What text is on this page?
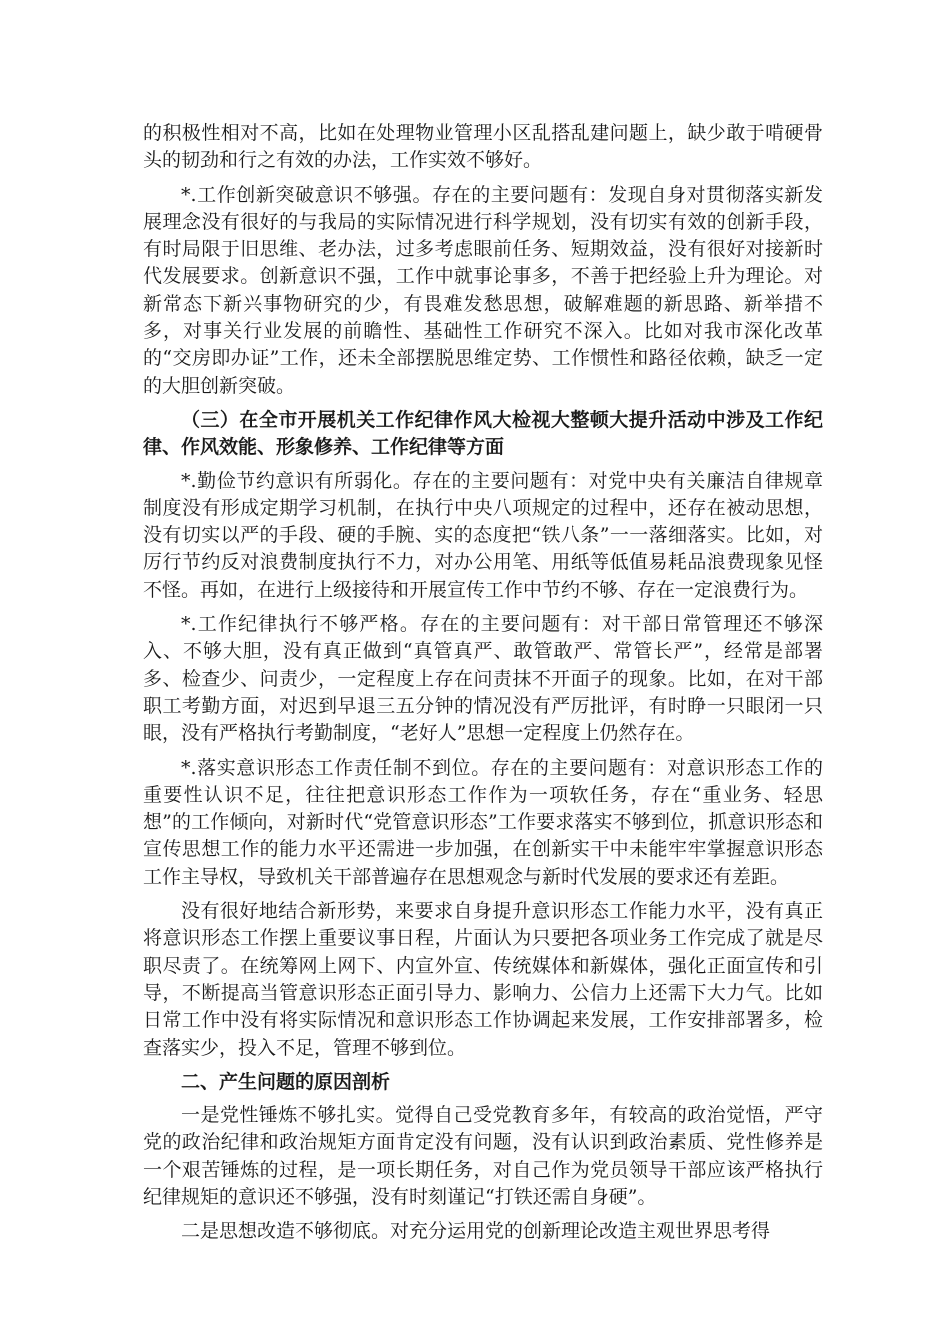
的积极性相对不高，比如在处理物业管理小区乱搭乱建问题上，缺少敢于啃硬骨头的韧劲和行之有效的办法，工作实效不够好。

*.工作创新突破意识不够强。存在的主要问题有：发现自身对贯彻落实新发展理念没有很好的与我局的实际情况进行科学规划，没有切实有效的创新手段，有时局限于旧思维、老办法，过多考虑眼前任务、短期效益，没有很好对接新时代发展要求。创新意识不强，工作中就事论事多，不善于把经验上升为理论。对新常态下新兴事物研究的少，有畏难发愁思想，破解难题的新思路、新举措不多，对事关行业发展的前瞻性、基础性工作研究不深入。比如对我市深化改革的“交房即办证”工作，还未全部摆脱思维定势、工作惯性和路径依赖，缺乏一定的大胆创新突破。

（三）在全市开展机关工作纪律作风大检视大整顿大提升活动中涉及工作纪律、作风效能、形象修养、工作纪律等方面

*.勤俭节约意识有所弱化。存在的主要问题有：对党中央有关廉洁自律规章制度没有形成定期学习机制，在执行中央八项规定的过程中，还存在被动思想，没有切实以严的手段、硬的手腕、实的态度把“铁八条”一一落细落实。比如，对厉行节约反对浪费制度执行不力，对办公用笔、用纸等低值易耗品浪费现象见怪不怪。再如，在进行上级接待和开展宣传工作中节约不够、存在一定浪费行为。

*.工作纪律执行不够严格。存在的主要问题有：对干部日常管理还不够深入、不够大胆，没有真正做到“真管真严、敢管敢严、常管长严”，经常是部署多、检查少、问责少，一定程度上存在问责抹不开面子的现象。比如，在对干部职工考勤方面，对迟到早退三五分钟的情况没有严厉批评，有时睁一只眼闭一只眼，没有严格执行考勤制度，“老好人”思想一定程度上仍然存在。

*.落实意识形态工作责任制不到位。存在的主要问题有：对意识形态工作的重要性认识不足，往往把意识形态工作作为一项软任务，存在“重业务、轻思想”的工作倾向，对新时代“党管意识形态”工作要求落实不够到位，抓意识形态和宣传思想工作的能力水平还需进一步加强，在创新实干中未能牢牢掌握意识形态工作主导权，导致机关干部普遍存在思想观念与新时代发展的要求还有差距。

没有很好地结合新形势，来要求自身提升意识形态工作能力水平，没有真正将意识形态工作摆上重要议事日程，片面认为只要把各项业务工作完成了就是尽职尽责了。在统筹网上网下、内宣外宣、传统媒体和新媒体，强化正面宣传和引导，不断提高当管意识形态正面引导力、影响力、公信力上还需下大力气。比如日常工作中没有将实际情况和意识形态工作协调起来发展，工作安排部署多，检查落实少，投入不足，管理不够到位。

二、产生问题的原因剖析

一是党性锤炼不够扎实。觉得自己受党教育多年，有较高的政治觉悟，严守党的政治纪律和政治规矩方面肯定没有问题，没有认识到政治素质、党性修养是一个艰苦锤炼的过程，是一项长期任务，对自己作为党员领导干部应该严格执行纪律规矩的意识还不够强，没有时刻谨记“打铁还需自身硬”。

二是思想改造不够彻底。对充分运用党的创新理论改造主观世界思考得
